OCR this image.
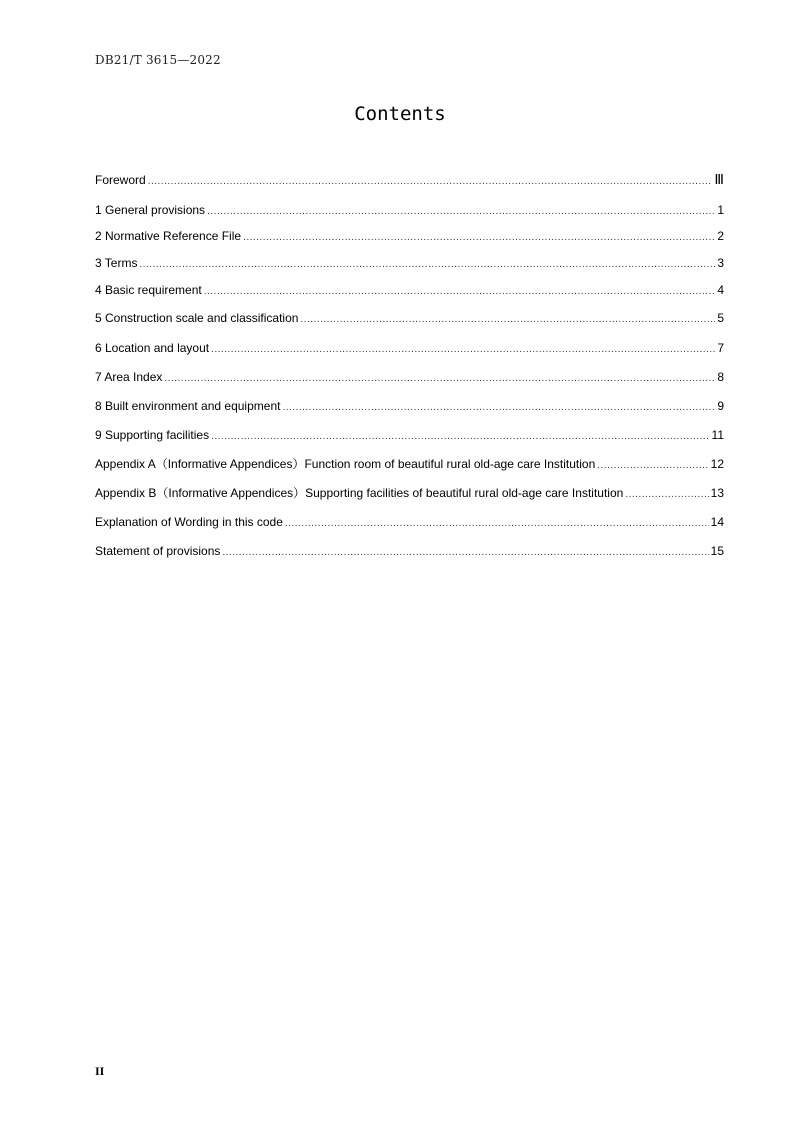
DB21/T 3615—2022
Contents
Foreword .....	Ⅲ
1 General provisions .....	1
2 Normative Reference File .....	2
3 Terms .....	3
4 Basic requirement .....	4
5 Construction scale and classification .....	5
6 Location and layout .....	7
7 Area Index .....	8
8 Built environment and equipment .....	9
9 Supporting facilities .....	11
Appendix A（Informative Appendices）Function room of beautiful rural old-age care Institution .....	12
Appendix B（Informative Appendices）Supporting facilities of beautiful rural old-age care Institution .....	13
Explanation of Wording in this code .....	14
Statement of provisions .....	15
II
